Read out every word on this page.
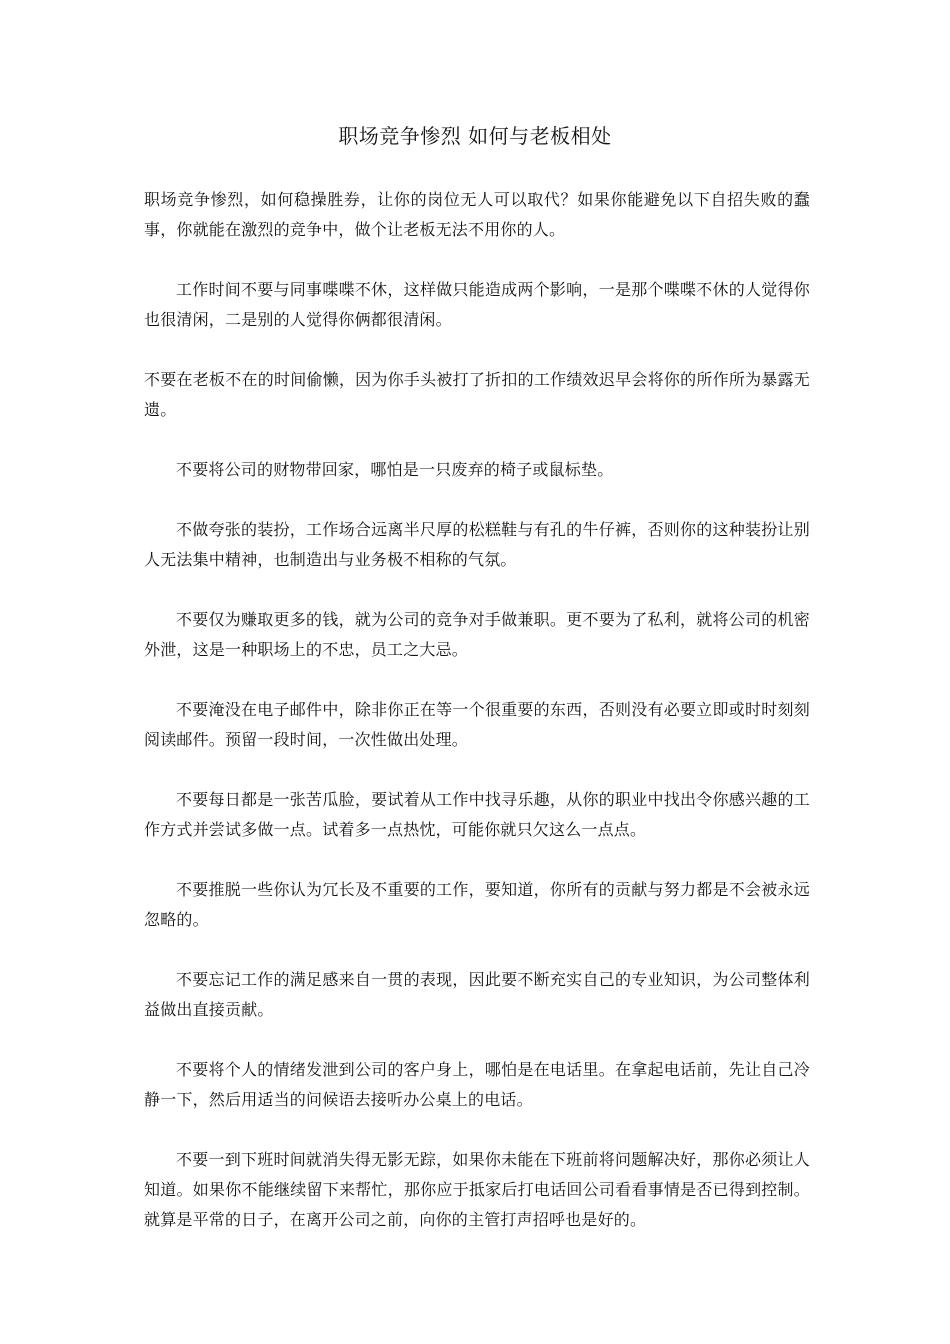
职场竞争惨烈 如何与老板相处

职场竞争惨烈，如何稳操胜券，让你的岗位无人可以取代？如果你能避免以下自招失败的蠢事，你就能在激烈的竞争中，做个让老板无法不用你的人。

工作时间不要与同事喋喋不休，这样做只能造成两个影响，一是那个喋喋不休的人觉得你也很清闲，二是别的人觉得你俩都很清闲。

不要在老板不在的时间偷懒，因为你手头被打了折扣的工作绩效迟早会将你的所作所为暴露无遗。

不要将公司的财物带回家，哪怕是一只废弃的椅子或鼠标垫。

不做夸张的装扮，工作场合远离半尺厚的松糕鞋与有孔的牛仔裤，否则你的这种装扮让别人无法集中精神，也制造出与业务极不相称的气氛。

不要仅为赚取更多的钱，就为公司的竞争对手做兼职。更不要为了私利，就将公司的机密外泄，这是一种职场上的不忠，员工之大忌。

不要淹没在电子邮件中，除非你正在等一个很重要的东西，否则没有必要立即或时时刻刻阅读邮件。预留一段时间，一次性做出处理。

不要每日都是一张苦瓜脸，要试着从工作中找寻乐趣，从你的职业中找出令你感兴趣的工作方式并尝试多做一点。试着多一点热忱，可能你就只欠这么一点点。

不要推脱一些你认为冗长及不重要的工作，要知道，你所有的贡献与努力都是不会被永远忽略的。

不要忘记工作的满足感来自一贯的表现，因此要不断充实自己的专业知识，为公司整体利益做出直接贡献。

不要将个人的情绪发泄到公司的客户身上，哪怕是在电话里。在拿起电话前，先让自己冷静一下，然后用适当的问候语去接听办公桌上的电话。

不要一到下班时间就消失得无影无踪，如果你未能在下班前将问题解决好，那你必须让人知道。如果你不能继续留下来帮忙，那你应于抵家后打电话回公司看看事情是否已得到控制。就算是平常的日子，在离开公司之前，向你的主管打声招呼也是好的。
